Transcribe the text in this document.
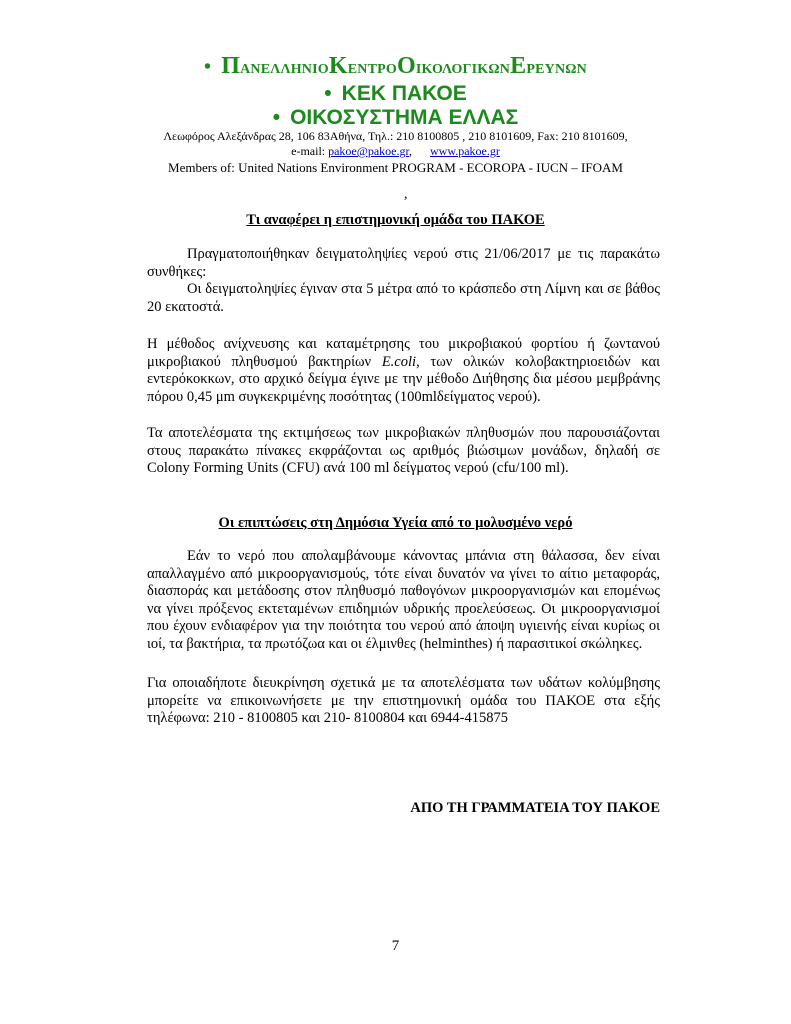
• ΠΑΝΕΛΛΗΝΙΟΚΕΝΤΡΟΟΙΚΟΛΟΓΙΚΩΝΕΡΕΥΝΩΝ
• ΚΕΚ ΠΑΚΟΕ
• ΟΙΚΟΣΥΣΤΗΜΑ ΕΛΛΑΣ
Λεωφόρος Αλεξάνδρας 28, 106 83Αθήνα, Τηλ.: 210 8100805 , 210 8101609, Fax: 210 8101609,
e-mail: pakoe@pakoe.gr,      www.pakoe.gr
Members of: United Nations Environment PROGRAM - ECOROPA - IUCN – IFOAM
,
Τι αναφέρει η επιστημονική ομάδα του ΠΑΚΟΕ
Πραγματοποιήθηκαν δειγματοληψίες νερού στις 21/06/2017 με τις παρακάτω συνθήκες:
Οι δειγματοληψίες έγιναν στα 5 μέτρα από το κράσπεδο στη Λίμνη και σε βάθος 20 εκατοστά.
Η μέθοδος ανίχνευσης και καταμέτρησης του μικροβιακού φορτίου ή ζωντανού μικροβιακού πληθυσμού βακτηρίων E.coli, των ολικών κολοβακτηριοειδών και εντερόκοκκων, στο αρχικό δείγμα έγινε με την μέθοδο Διήθησης δια μέσου μεμβράνης πόρου 0,45 μm συγκεκριμένης ποσότητας (100mlδείγματος νερού).
Τα αποτελέσματα της εκτιμήσεως των μικροβιακών πληθυσμών που παρουσιάζονται στους παρακάτω πίνακες εκφράζονται ως αριθμός βιώσιμων μονάδων, δηλαδή σε Colony Forming Units (CFU) ανά 100 ml δείγματος νερού (cfu/100 ml).
Οι επιπτώσεις στη Δημόσια Υγεία από το μολυσμένο νερό
Εάν το νερό που απολαμβάνουμε κάνοντας μπάνια στη θάλασσα, δεν είναι απαλλαγμένο από μικροοργανισμούς, τότε είναι δυνατόν να γίνει το αίτιο μεταφοράς, διασποράς και μετάδοσης στον πληθυσμό παθογόνων μικροοργανισμών και επομένως να γίνει πρόξενος εκτεταμένων επιδημιών υδρικής προελεύσεως. Οι μικροοργανισμοί που έχουν ενδιαφέρον για την ποιότητα του νερού από άποψη υγιεινής είναι κυρίως οι ιοί, τα βακτήρια, τα πρωτόζωα και οι έλμινθες (helminthes) ή παρασιτικοί σκώληκες.
Για οποιαδήποτε διευκρίνηση σχετικά με τα αποτελέσματα των υδάτων κολύμβησης μπορείτε να επικοινωνήσετε με την επιστημονική ομάδα του ΠΑΚΟΕ στα εξής τηλέφωνα: 210 - 8100805 και 210- 8100804 και 6944-415875
ΑΠΟ ΤΗ ΓΡΑΜΜΑΤΕΙΑ ΤΟΥ ΠΑΚΟΕ
7
